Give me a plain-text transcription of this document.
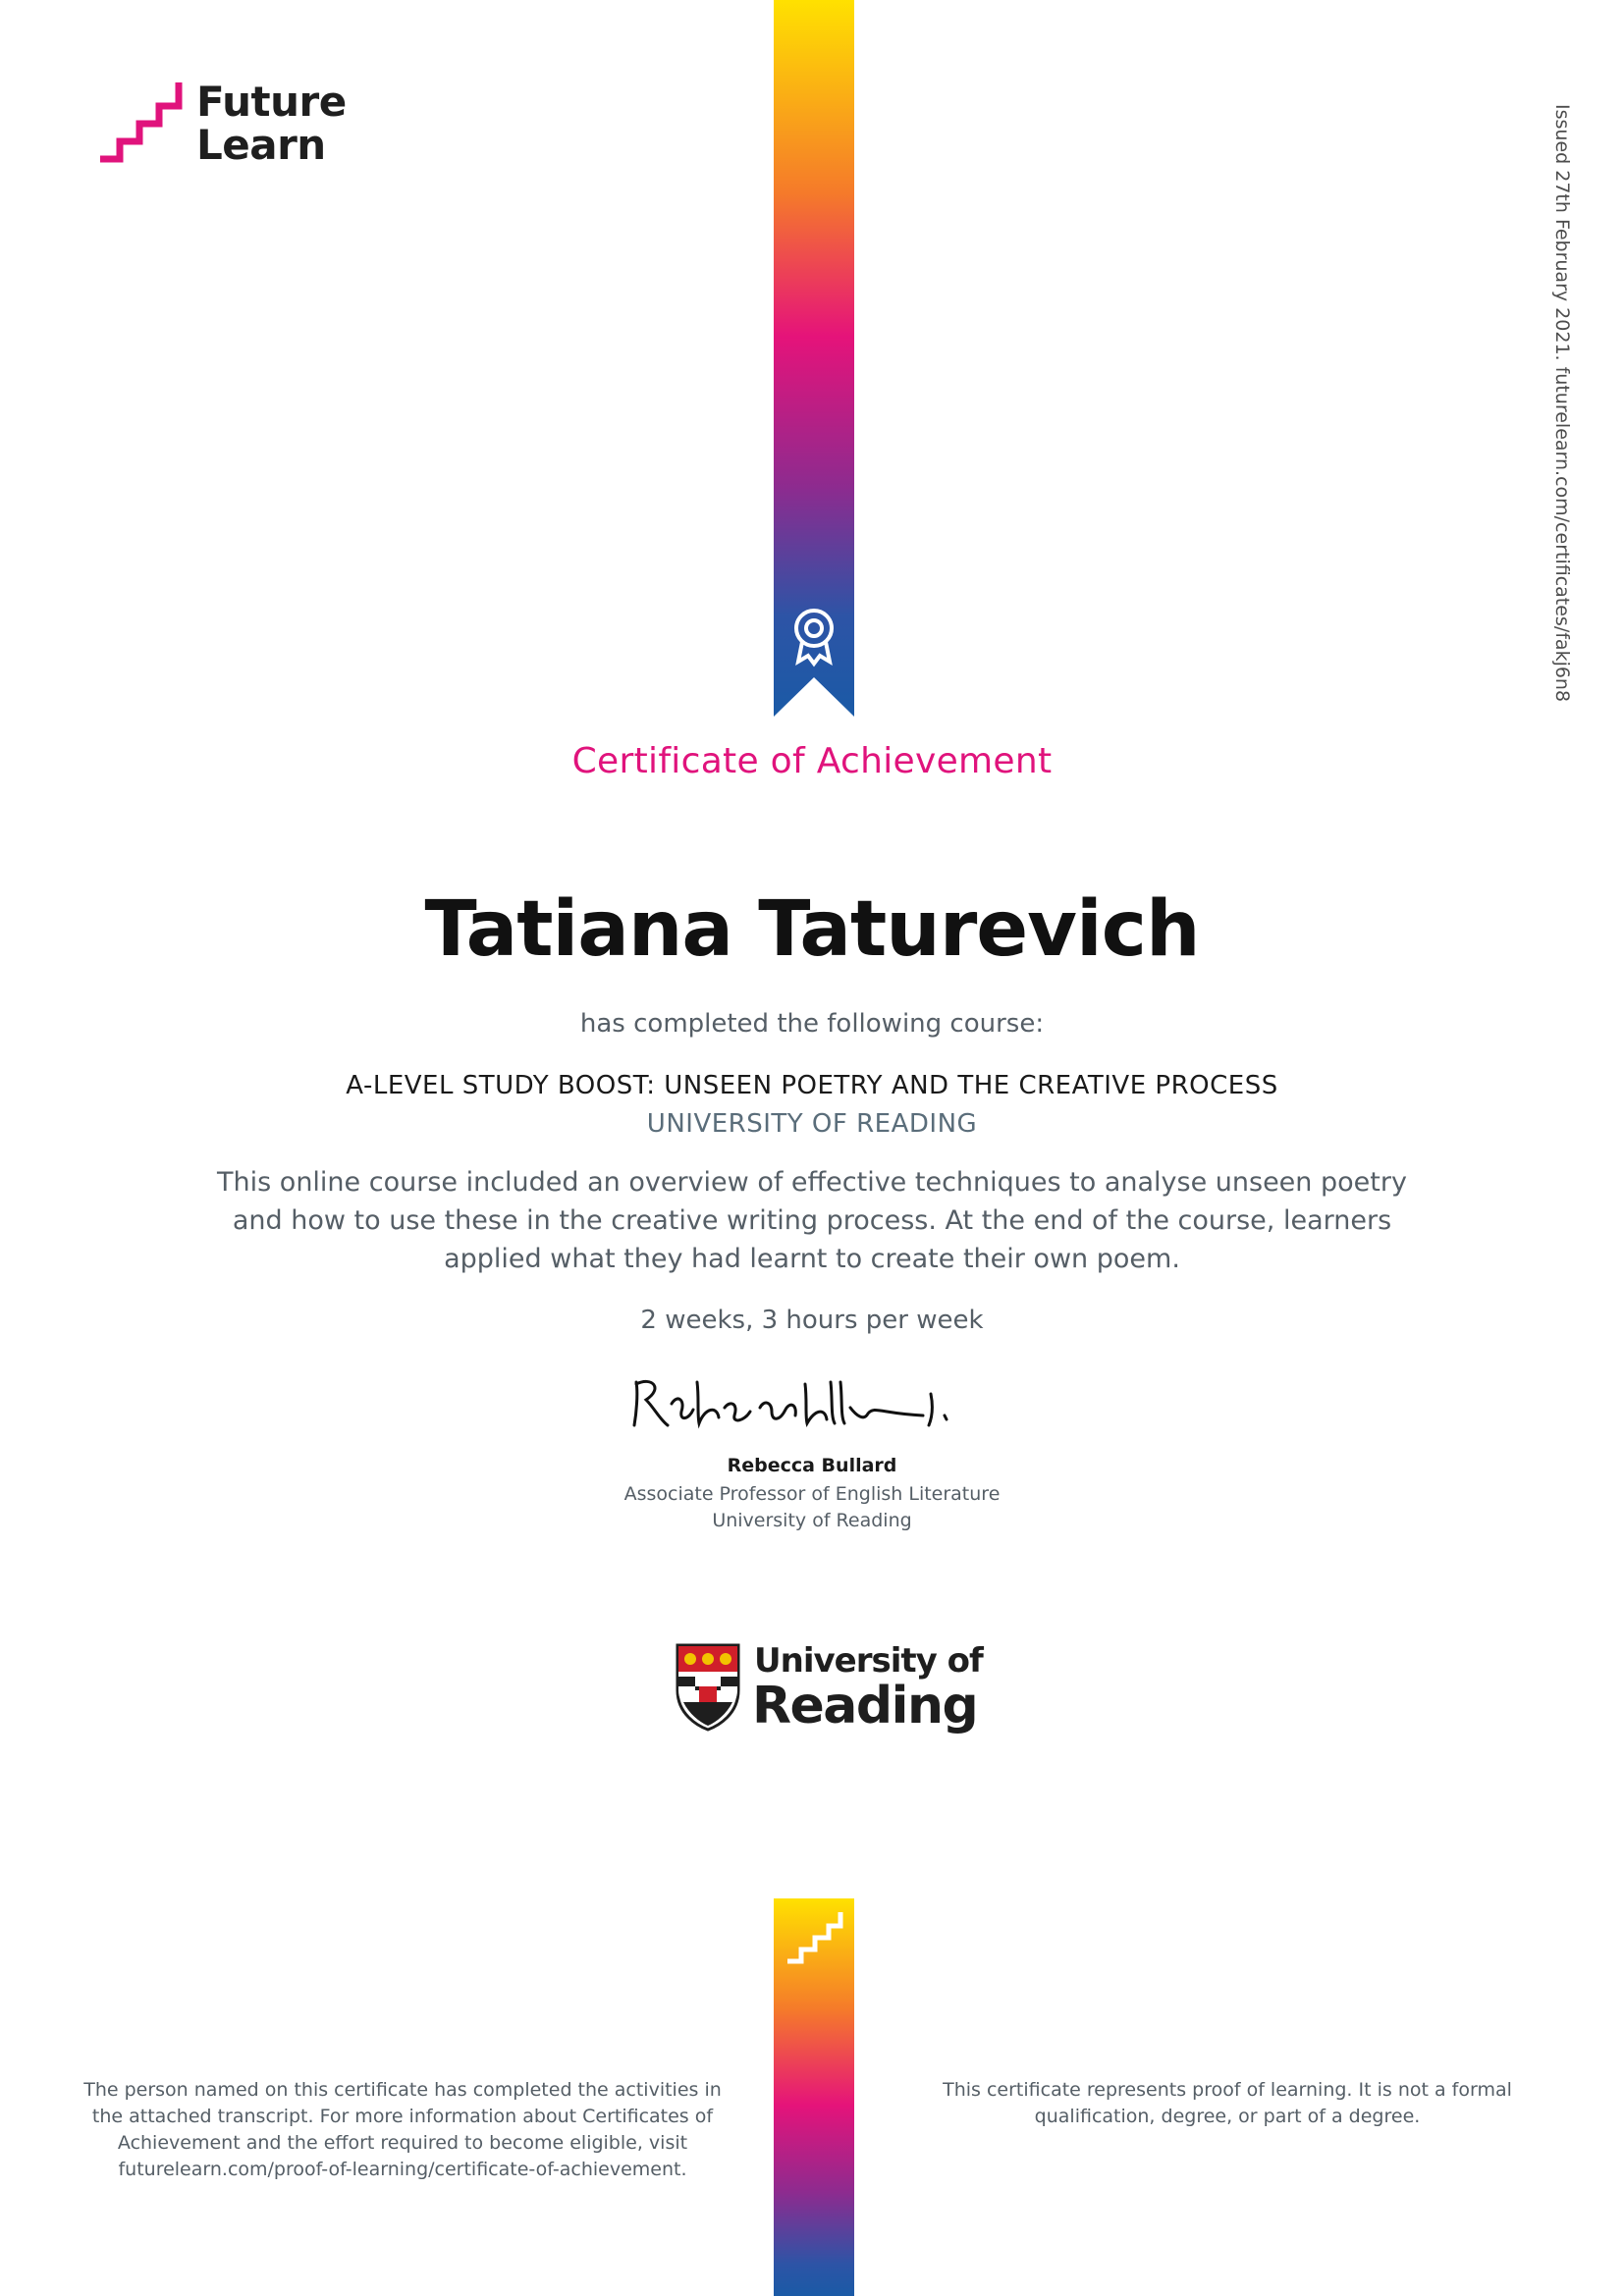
Future
Learn	Issued 27th February 2021. futurelearn.com/certificates/fakj6n8
Certificate of Achievement
Tatiana Taturevich
has completed the following course:
A-LEVEL STUDY BOOST: UNSEEN POETRY AND THE CREATIVE PROCESS
UNIVERSITY OF READING
This online course included an overview of effective techniques to analyse unseen poetry and how to use these in the creative writing process. At the end of the course, learners applied what they had learnt to create their own poem.
2 weeks, 3 hours per week
Rebecca Bullard
Associate Professor of English Literature
University of Reading
University of
Reading
The person named on this certificate has completed the activities in the attached transcript. For more information about Certificates of Achievement and the effort required to become eligible, visit futurelearn.com/proof-of-learning/certificate-of-achievement.
This certificate represents proof of learning. It is not a formal qualification, degree, or part of a degree.
